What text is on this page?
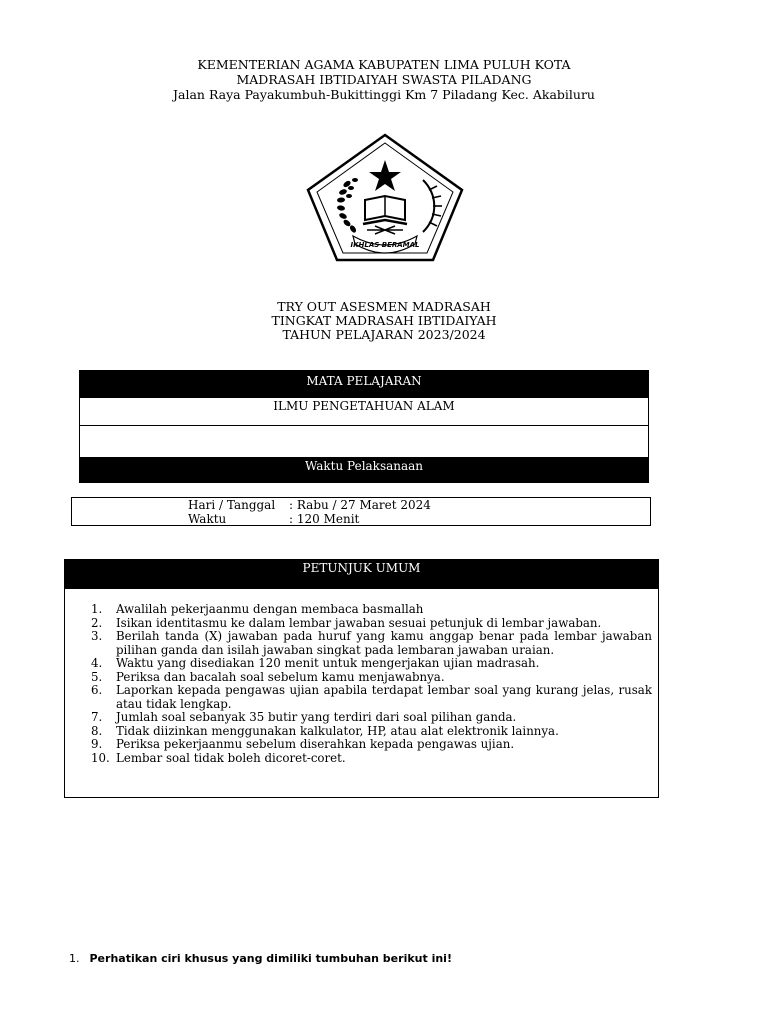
KEMENTERIAN AGAMA KABUPATEN LIMA PULUH KOTA
MADRASAH IBTIDAIYAH SWASTA PILADANG
Jalan Raya Payakumbuh-Bukittinggi Km 7 Piladang Kec. Akabiluru
IKHLAS BERAMAL
TRY OUT ASESMEN MADRASAH
TINGKAT MADRASAH IBTIDAIYAH
TAHUN PELAJARAN 2023/2024
MATA PELAJARAN
ILMU PENGETAHUAN ALAM
Waktu Pelaksanaan
Hari / Tanggal : Rabu / 27 Maret 2024
Waktu	: 120 Menit
PETUNJUK UMUM
1.	Awalilah pekerjaanmu dengan membaca basmallah
2.	Isikan identitasmu ke dalam lembar jawaban sesuai petunjuk di lembar jawaban.
3.	Berilah tanda (X) jawaban pada huruf yang kamu anggap benar pada lembar jawaban pilihan ganda dan isilah jawaban singkat pada lembaran jawaban uraian.
4.	Waktu yang disediakan 120 menit untuk mengerjakan ujian madrasah.
5.	Periksa dan bacalah soal sebelum kamu menjawabnya.
6.	Laporkan kepada pengawas ujian apabila terdapat lembar soal yang kurang jelas, rusak atau tidak lengkap.
7.	Jumlah soal sebanyak 35 butir yang terdiri dari soal pilihan ganda.
8.	Tidak diizinkan menggunakan kalkulator, HP, atau alat elektronik lainnya.
9.	Periksa pekerjaanmu sebelum diserahkan kepada pengawas ujian.
10. Lembar soal tidak boleh dicoret-coret.
1. Perhatikan ciri khusus yang dimiliki tumbuhan berikut ini!
